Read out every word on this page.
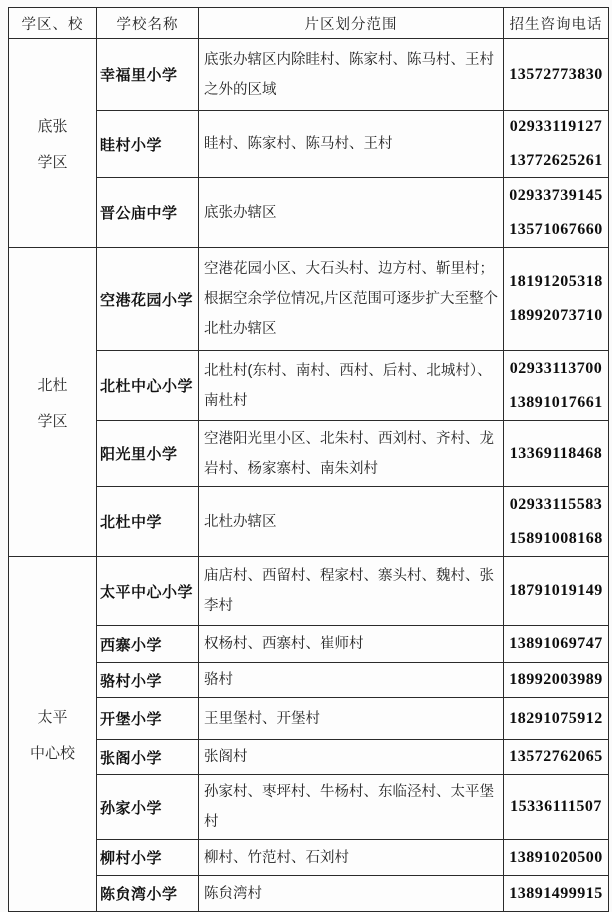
学区、校	学校名称	片区划分范围	招生咨询电话

底张
学区	幸福里小学	底张办辖区内除眭村、陈家村、陈马村、王村之外的区域	13572773830

	眭村小学	眭村、陈家村、陈马村、王村	02933119127
13772625261

	晋公庙中学	底张办辖区	02933739145
13571067660

北杜
学区
	空港花园小学	空港花园小区、大石头村、边方村、靳里村；根据空余学位情况,片区范围可逐步扩大至整个北杜办辖区	
18191205318
18992073710

	北杜中心小学	北杜村(东村、南村、西村、后村、北城村）、南杜村	02933113700
13891017661

	阳光里小学	空港阳光里小区、北朱村、西刘村、齐村、龙岩村、杨家寨村、南朱刘村	13369118468

	北杜中学	北杜办辖区	02933115583
15891008168

太平
中心校	太平中心小学	庙店村、西留村、程家村、寨头村、魏村、张李村	18791019149

	西寨小学	权杨村、西寨村、崔师村	13891069747

	骆村小学	骆村	18992003989

	开堡小学	王里堡村、开堡村	18291075912

	张阁小学	张阁村	13572762065

	孙家小学	孙家村、枣坪村、牛杨村、东临泾村、太平堡村	15336111507

	柳村小学	柳村、竹范村、石刘村	13891020500

	陈贠湾小学	陈贠湾村	13891499915
